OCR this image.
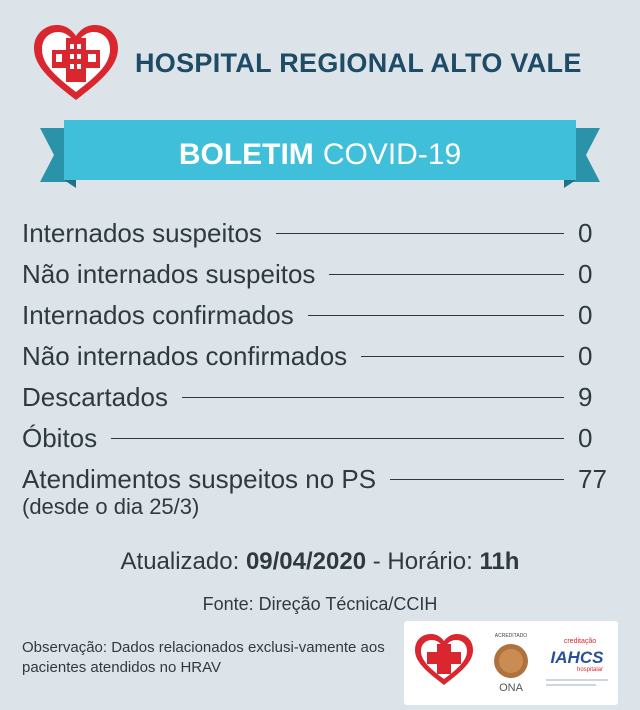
HOSPITAL REGIONAL ALTO VALE
BOLETIM COVID-19
Internados suspeitos	0
Não internados suspeitos	0
Internados confirmados	0
Não internados confirmados	0
Descartados	9
Óbitos	0
Atendimentos suspeitos no PS	77
(desde o dia 25/3)
Atualizado: 09/04/2020 - Horário: 11h
Fonte: Direção Técnica/CCIH
Observação: Dados relacionados exclusi-vamente aos pacientes atendidos no HRAV
ACREDITADO
ONA
creditação
IAHCS
hospitalar
